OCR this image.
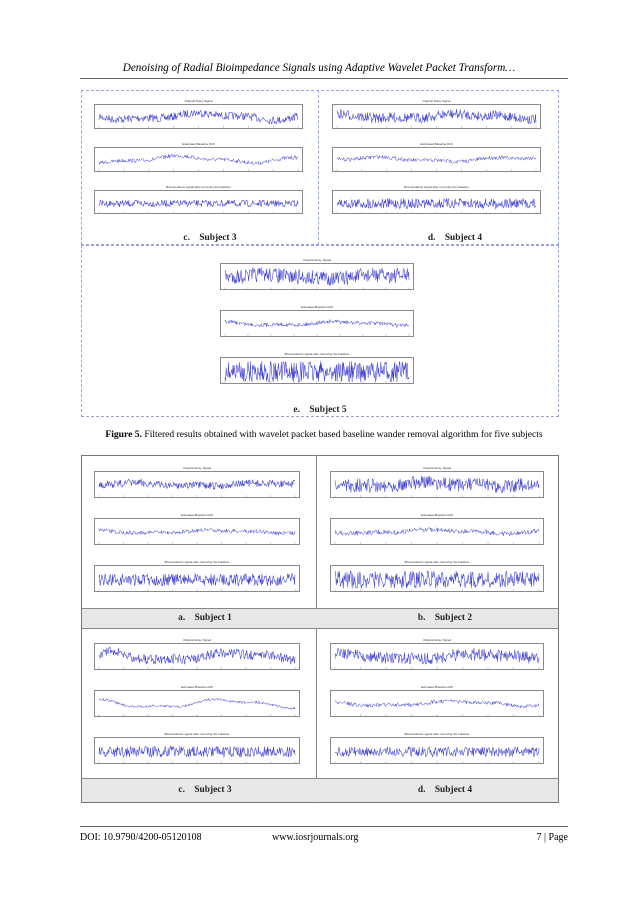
Denoising of Radial Bioimpedance Signals using Adaptive Wavelet Packet Transform…
Original Noisy Signal
Estimated Baseline Drift
Bioimpedance signal after removing the baseline
Original Noisy Signal
Estimated Baseline Drift
Bioimpedance signal after removing the baseline
c. Subject 3	d. Subject 4
Original Noisy Signal
Estimated Baseline Drift
Bioimpedance signal after removing the baseline
e. Subject 5
Figure 5. Filtered results obtained with wavelet packet based baseline wander removal algorithm for five subjects
Original Noisy Signal
Estimated Baseline Drift
Bioimpedance signal after removing the baseline
Original Noisy Signal
Estimated Baseline Drift
Bioimpedance signal after removing the baseline
a. Subject 1	b. Subject 2
Original Noisy Signal
Estimated Baseline Drift
Bioimpedance signal after removing the baseline
Original Noisy Signal
Estimated Baseline Drift
Bioimpedance signal after removing the baseline
c. Subject 3	d. Subject 4
DOI: 10.9790/4200-05120108	www.iosrjournals.org	7 | Page
